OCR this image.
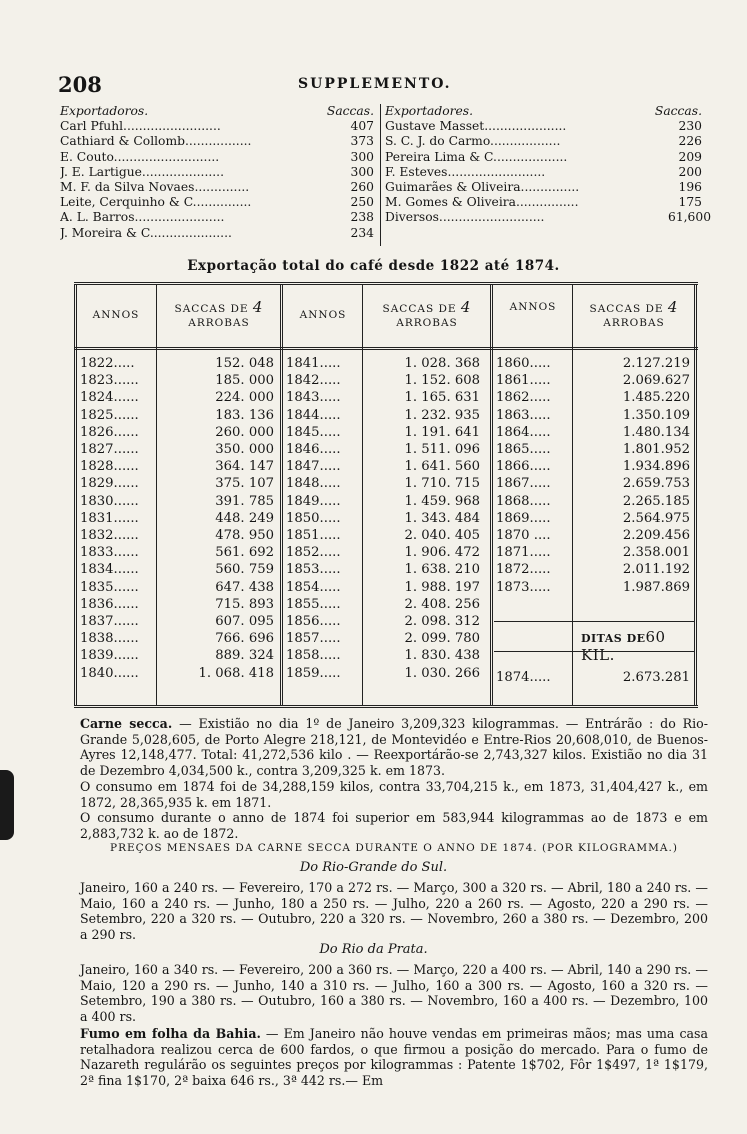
208	SUPPLEMENTO.
Exportadoros.	Saccas.
Carl Pfuhl.........................	407
Cathiard & Collomb.................	373
E. Couto...........................	300
J. E. Lartigue.....................	300
M. F. da Silva Novaes..............	260
Leite, Cerquinho & C...............	250
A. L. Barros.......................	238
J. Moreira & C.....................	234
Exportadores.	Saccas.
Gustave Masset.....................	230
S. C. J. do Carmo..................	226
Pereira Lima & C...................	209
F. Esteves.........................	200
Guimarães & Oliveira...............	196
M. Gomes & Oliveira................	175
Diversos...........................	61,600
Exportação total do café desde 1822 até 1874.
ANNOS	SACCAS DE 4
ARROBAS
ANNOS	SACCAS DE 4
ARROBAS
ANNOS	SACCAS DE 4
ARROBAS
1822.....	152. 048
1823......	185. 000
1824......	224. 000
1825......	183. 136
1826......	260. 000
1827......	350. 000
1828......	364. 147
1829......	375. 107
1830......	391. 785
1831......	448. 249
1832......	478. 950
1833......	561. 692
1834......	560. 759
1835......	647. 438
1836......	715. 893
1837......	607. 095
1838......	766. 696
1839......	889. 324
1840......	1. 068. 418
1841.....	1. 028. 368
1842.....	1. 152. 608
1843.....	1. 165. 631
1844.....	1. 232. 935
1845.....	1. 191. 641
1846.....	1. 511. 096
1847.....	1. 641. 560
1848.....	1. 710. 715
1849.....	1. 459. 968
1850.....	1. 343. 484
1851.....	2. 040. 405
1852.....	1. 906. 472
1853.....	1. 638. 210
1854.....	1. 988. 197
1855.....	2. 408. 256
1856.....	2. 098. 312
1857.....	2. 099. 780
1858.....	1. 830. 438
1859.....	1. 030. 266
1860.....	2.127.219
1861.....	2.069.627
1862.....	1.485.220
1863.....	1.350.109
1864.....	1.480.134
1865.....	1.801.952
1866.....	1.934.896
1867.....	2.659.753
1868.....	2.265.185
1869.....	2.564.975
1870 ....	2.209.456
1871.....	2.358.001
1872.....	2.011.192
1873.....	1.987.869
DITAS DE60 KIL.
1874.....	2.673.281
Carne secca. — Existião no dia 1º de Janeiro 3,209,323 kilogrammas. — Entrárão : do Rio-Grande 5,028,605, de Porto Alegre 218,121, de Montevidéo e Entre-Rios 20,608,010, de Buenos-Ayres 12,148,477. Total: 41,272,536 kilo . — Reexportárão-se 2,743,327 kilos. Existião no dia 31 de Dezembro 4,034,500 k., contra 3,209,325 k. em 1873.
O consumo em 1874 foi de 34,288,159 kilos, contra 33,704,215 k., em 1873, 31,404,427 k., em 1872, 28,365,935 k. em 1871.
O consumo durante o anno de 1874 foi superior em 583,944 kilogrammas ao de 1873 e em 2,883,732 k. ao de 1872.
PREÇOS MENSAES DA CARNE SECCA DURANTE O ANNO DE 1874. (POR KILOGRAMMA.)
Do Rio-Grande do Sul.
Janeiro, 160 a 240 rs. — Fevereiro, 170 a 272 rs. — Março, 300 a 320 rs. — Abril, 180 a 240 rs. — Maio, 160 a 240 rs. — Junho, 180 a 250 rs. — Julho, 220 a 260 rs. — Agosto, 220 a 290 rs. — Setembro, 220 a 320 rs. — Outubro, 220 a 320 rs. — Novembro, 260 a 380 rs. — Dezembro, 200 a 290 rs.
Do Rio da Prata.
Janeiro, 160 a 340 rs. — Fevereiro, 200 a 360 rs. — Março, 220 a 400 rs. — Abril, 140 a 290 rs. — Maio, 120 a 290 rs. — Junho, 140 a 310 rs. — Julho, 160 a 300 rs. — Agosto, 160 a 320 rs. — Setembro, 190 a 380 rs. — Outubro, 160 a 380 rs. — Novembro, 160 a 400 rs. — Dezembro, 100 a 400 rs.
Fumo em folha da Bahia. — Em Janeiro não houve vendas em primeiras mãos; mas uma casa retalhadora realizou cerca de 600 fardos, o que firmou a posição do mercado. Para o fumo de Nazareth regulárão os seguintes preços por kilogrammas : Patente 1$702, Fôr 1$497, 1ª 1$179, 2ª fina 1$170, 2ª baixa 646 rs., 3ª 442 rs.— Em
